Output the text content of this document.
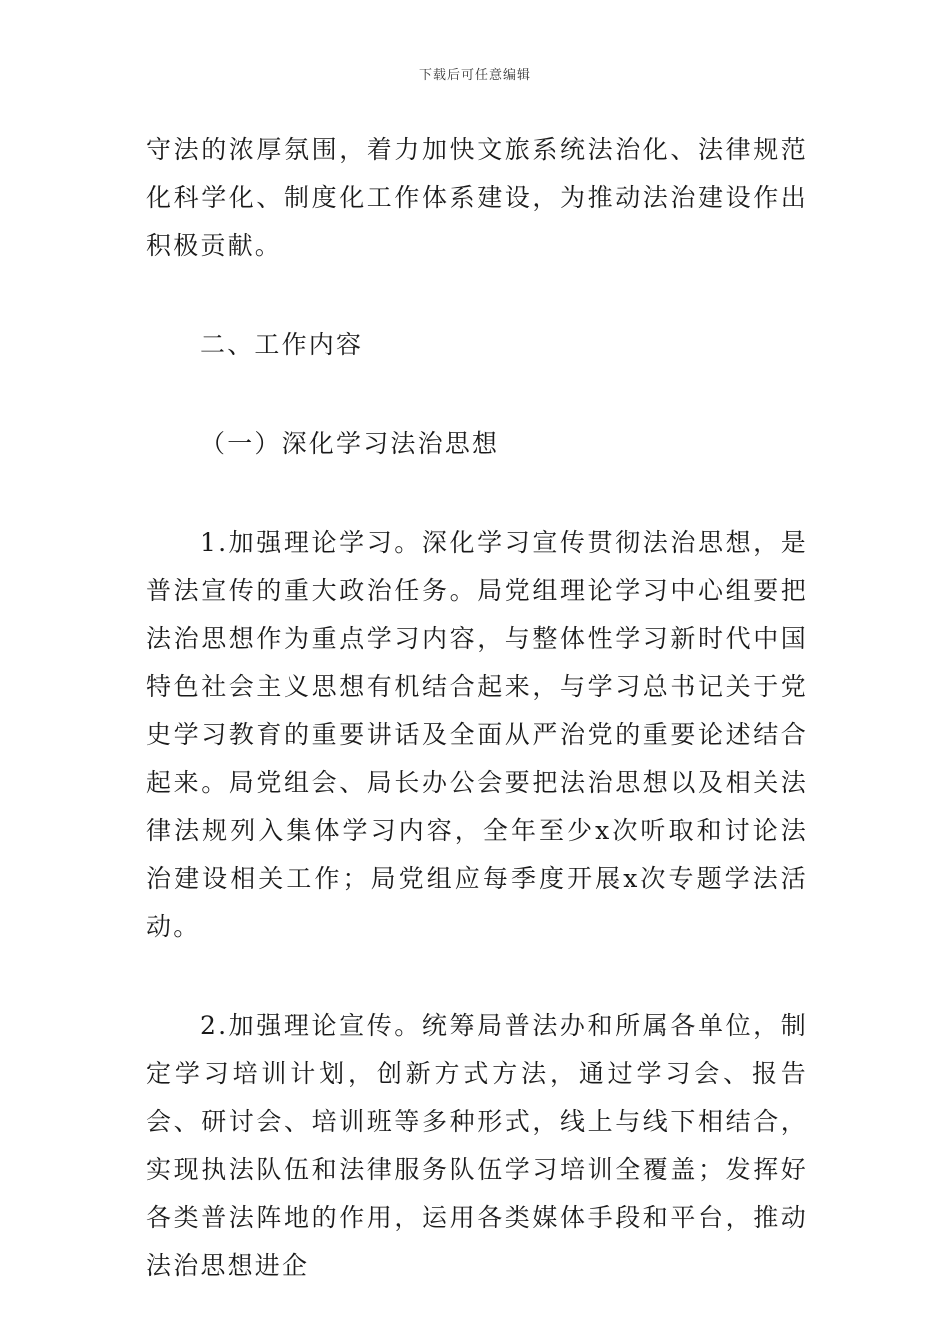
下载后可任意编辑

守法的浓厚氛围，着力加快文旅系统法治化、法律规范化科学化、制度化工作体系建设，为推动法治建设作出积极贡献。

二、工作内容

（一）深化学习法治思想

1.加强理论学习。深化学习宣传贯彻法治思想，是普法宣传的重大政治任务。局党组理论学习中心组要把法治思想作为重点学习内容，与整体性学习新时代中国特色社会主义思想有机结合起来，与学习总书记关于党史学习教育的重要讲话及全面从严治党的重要论述结合起来。局党组会、局长办公会要把法治思想以及相关法律法规列入集体学习内容，全年至少x次听取和讨论法治建设相关工作；局党组应每季度开展x次专题学法活动。

2.加强理论宣传。统筹局普法办和所属各单位，制定学习培训计划，创新方式方法，通过学习会、报告会、研讨会、培训班等多种形式，线上与线下相结合，实现执法队伍和法律服务队伍学习培训全覆盖；发挥好各类普法阵地的作用，运用各类媒体手段和平台，推动法治思想进企
